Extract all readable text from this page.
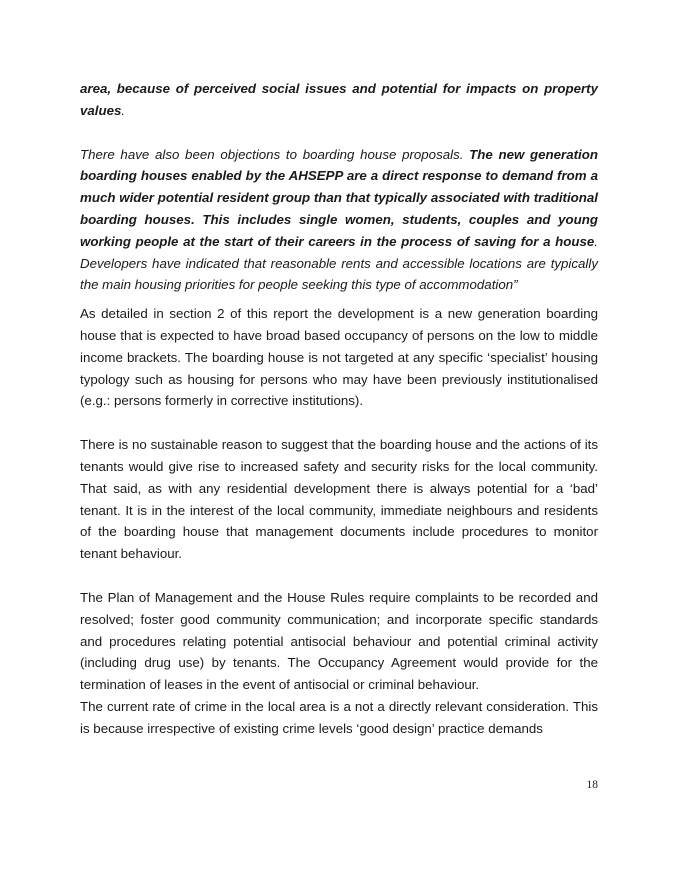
area, because of perceived social issues and potential for impacts on property values.

There have also been objections to boarding house proposals. The new generation boarding houses enabled by the AHSEPP are a direct response to demand from a much wider potential resident group than that typically associated with traditional boarding houses. This includes single women, students, couples and young working people at the start of their careers in the process of saving for a house. Developers have indicated that reasonable rents and accessible locations are typically the main housing priorities for people seeking this type of accommodation”

As detailed in section 2 of this report the development is a new generation boarding house that is expected to have broad based occupancy of persons on the low to middle income brackets. The boarding house is not targeted at any specific ‘specialist’ housing typology such as housing for persons who may have been previously institutionalised (e.g.: persons formerly in corrective institutions).

There is no sustainable reason to suggest that the boarding house and the actions of its tenants would give rise to increased safety and security risks for the local community. That said, as with any residential development there is always potential for a ‘bad’ tenant. It is in the interest of the local community, immediate neighbours and residents of the boarding house that management documents include procedures to monitor tenant behaviour.

The Plan of Management and the House Rules require complaints to be recorded and resolved; foster good community communication; and incorporate specific standards and procedures relating potential antisocial behaviour and potential criminal activity (including drug use) by tenants. The Occupancy Agreement would provide for the termination of leases in the event of antisocial or criminal behaviour.

The current rate of crime in the local area is a not a directly relevant consideration. This is because irrespective of existing crime levels ‘good design’ practice demands

18
